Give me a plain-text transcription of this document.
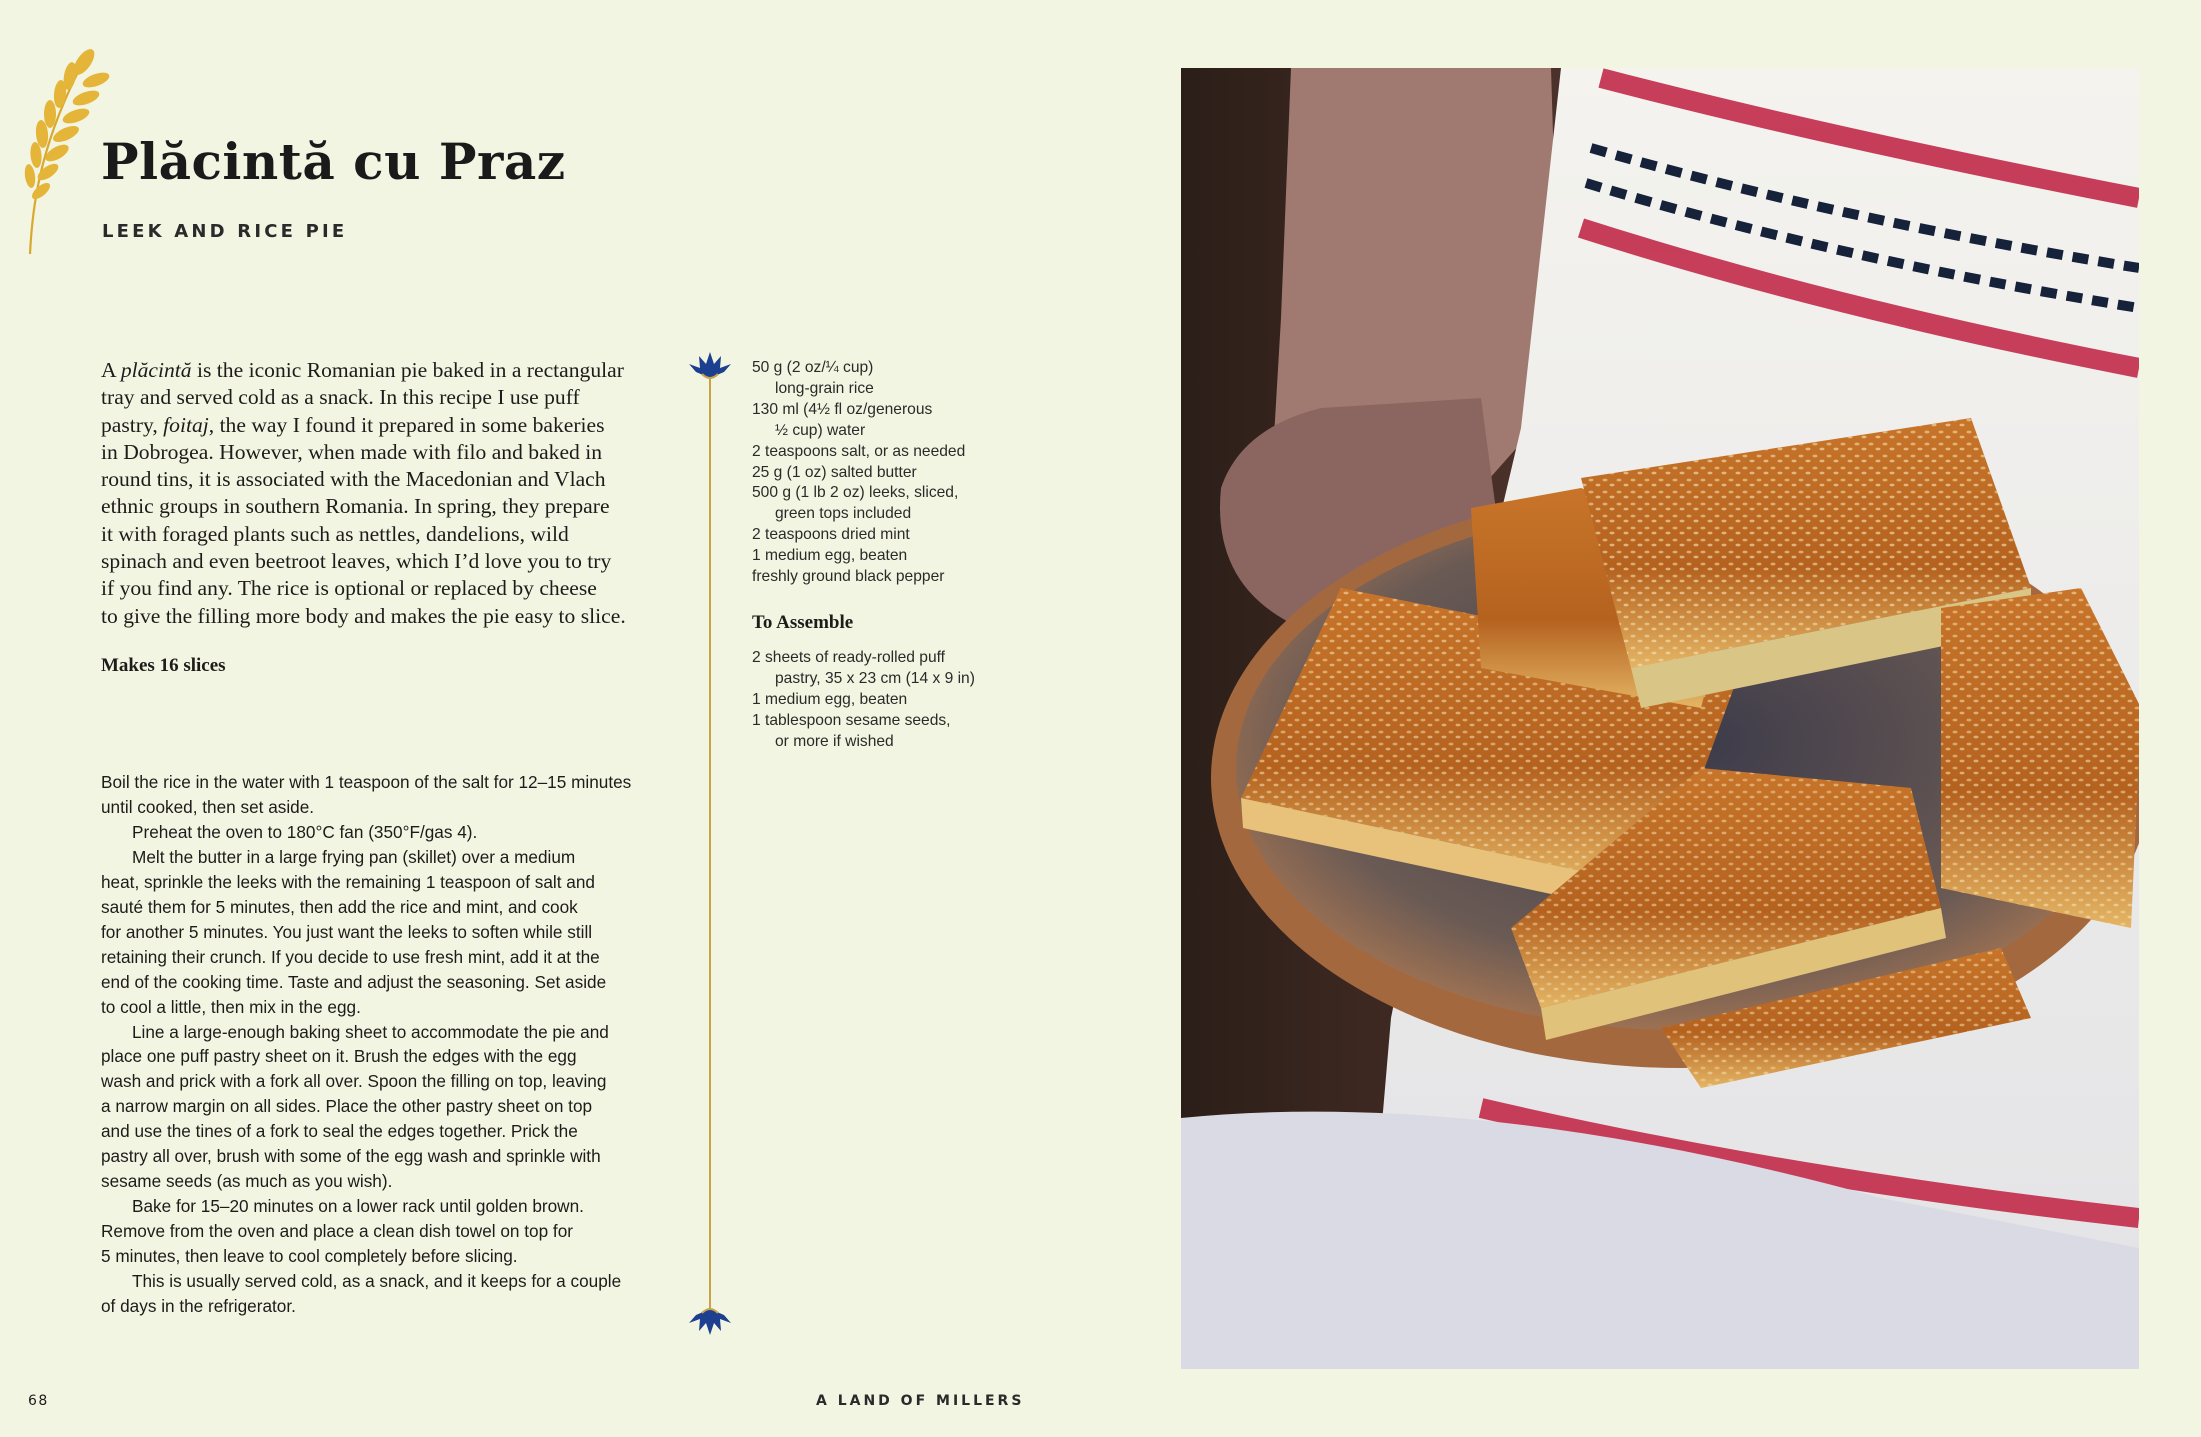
Plăcintă cu Praz
LEEK AND RICE PIE

A plăcintă is the iconic Romanian pie baked in a rectangular
tray and served cold as a snack. In this recipe I use puff
pastry, foitaj, the way I found it prepared in some bakeries
in Dobrogea. However, when made with filo and baked in
round tins, it is associated with the Macedonian and Vlach
ethnic groups in southern Romania. In spring, they prepare
it with foraged plants such as nettles, dandelions, wild
spinach and even beetroot leaves, which I’d love you to try
if you find any. The rice is optional or replaced by cheese
to give the filling more body and makes the pie easy to slice.

Makes 16 slices

Boil the rice in the water with 1 teaspoon of the salt for 12–15 minutes
until cooked, then set aside.
Preheat the oven to 180°C fan (350°F/gas 4).
Melt the butter in a large frying pan (skillet) over a medium
heat, sprinkle the leeks with the remaining 1 teaspoon of salt and
sauté them for 5 minutes, then add the rice and mint, and cook
for another 5 minutes. You just want the leeks to soften while still
retaining their crunch. If you decide to use fresh mint, add it at the
end of the cooking time. Taste and adjust the seasoning. Set aside
to cool a little, then mix in the egg.
Line a large-enough baking sheet to accommodate the pie and
place one puff pastry sheet on it. Brush the edges with the egg
wash and prick with a fork all over. Spoon the filling on top, leaving
a narrow margin on all sides. Place the other pastry sheet on top
and use the tines of a fork to seal the edges together. Prick the
pastry all over, brush with some of the egg wash and sprinkle with
sesame seeds (as much as you wish).
Bake for 15–20 minutes on a lower rack until golden brown.
Remove from the oven and place a clean dish towel on top for
5 minutes, then leave to cool completely before slicing.
This is usually served cold, as a snack, and it keeps for a couple
of days in the refrigerator.
50 g (2 oz/¼ cup)
long-grain rice
130 ml (4½ fl oz/generous
½ cup) water
2 teaspoons salt, or as needed
25 g (1 oz) salted butter
500 g (1 lb 2 oz) leeks, sliced,
green tops included
2 teaspoons dried mint
1 medium egg, beaten
freshly ground black pepper

To Assemble

2 sheets of ready-rolled puff
pastry, 35 x 23 cm (14 x 9 in)
1 medium egg, beaten
1 tablespoon sesame seeds,
or more if wished
68	A LAND OF MILLERS
